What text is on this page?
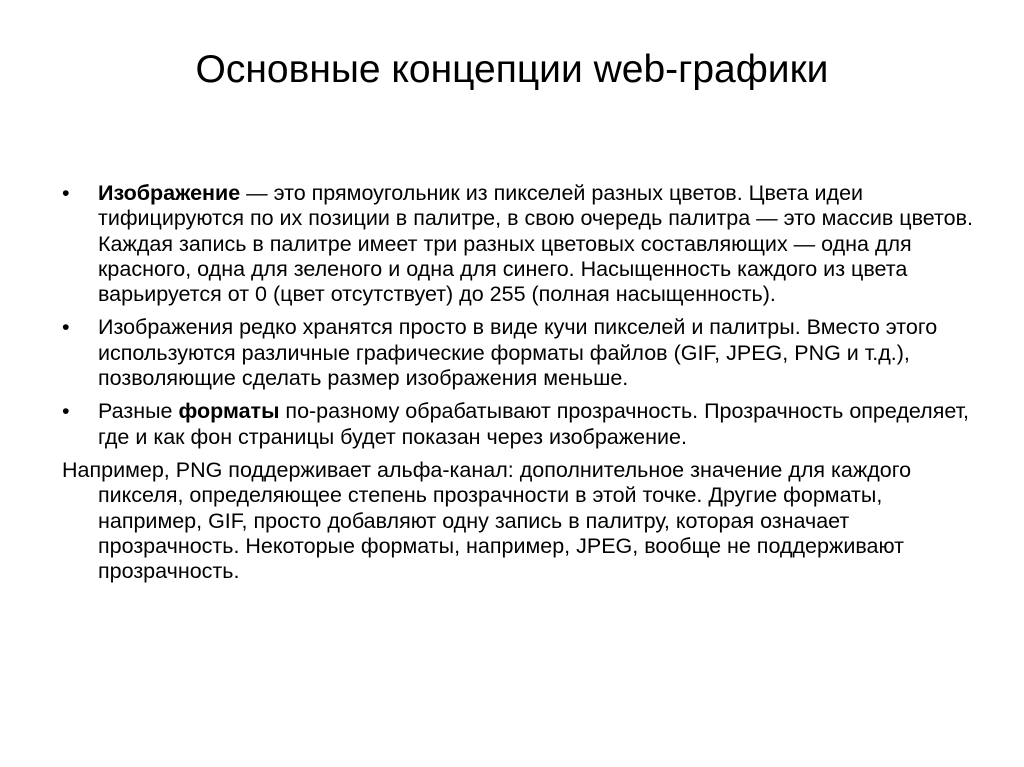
Основные концепции web-графики
•	Изображение — это прямоугольник из пикселей разных цветов. Цвета идеи тифицируются по их позиции в палитре, в свою очередь палитра — это массив цветов. Каждая запись в палитре имеет три разных цветовых составляющих — одна для красного, одна для зеленого и одна для синего. Насыщенность каждого из цвета варьируется от 0 (цвет отсутствует) до 255 (полная насыщенность).
•	Изображения редко хранятся просто в виде кучи пикселей и палитры. Вместо этого используются различные графические форматы файлов (GIF, JPEG, PNG и т.д.), позволяющие сделать размер изображения меньше.
•	Разные форматы по-разному обрабатывают прозрачность. Прозрачность определяет, где и как фон страницы будет показан через изображение.
Например, PNG поддерживает альфа-канал: дополнительное значение для каждого пикселя, определяющее степень прозрачности в этой точке. Другие форматы, например, GIF, просто добавляют одну запись в палитру, которая означает прозрачность. Некоторые форматы, например, JPEG, вообще не поддерживают прозрачность.
